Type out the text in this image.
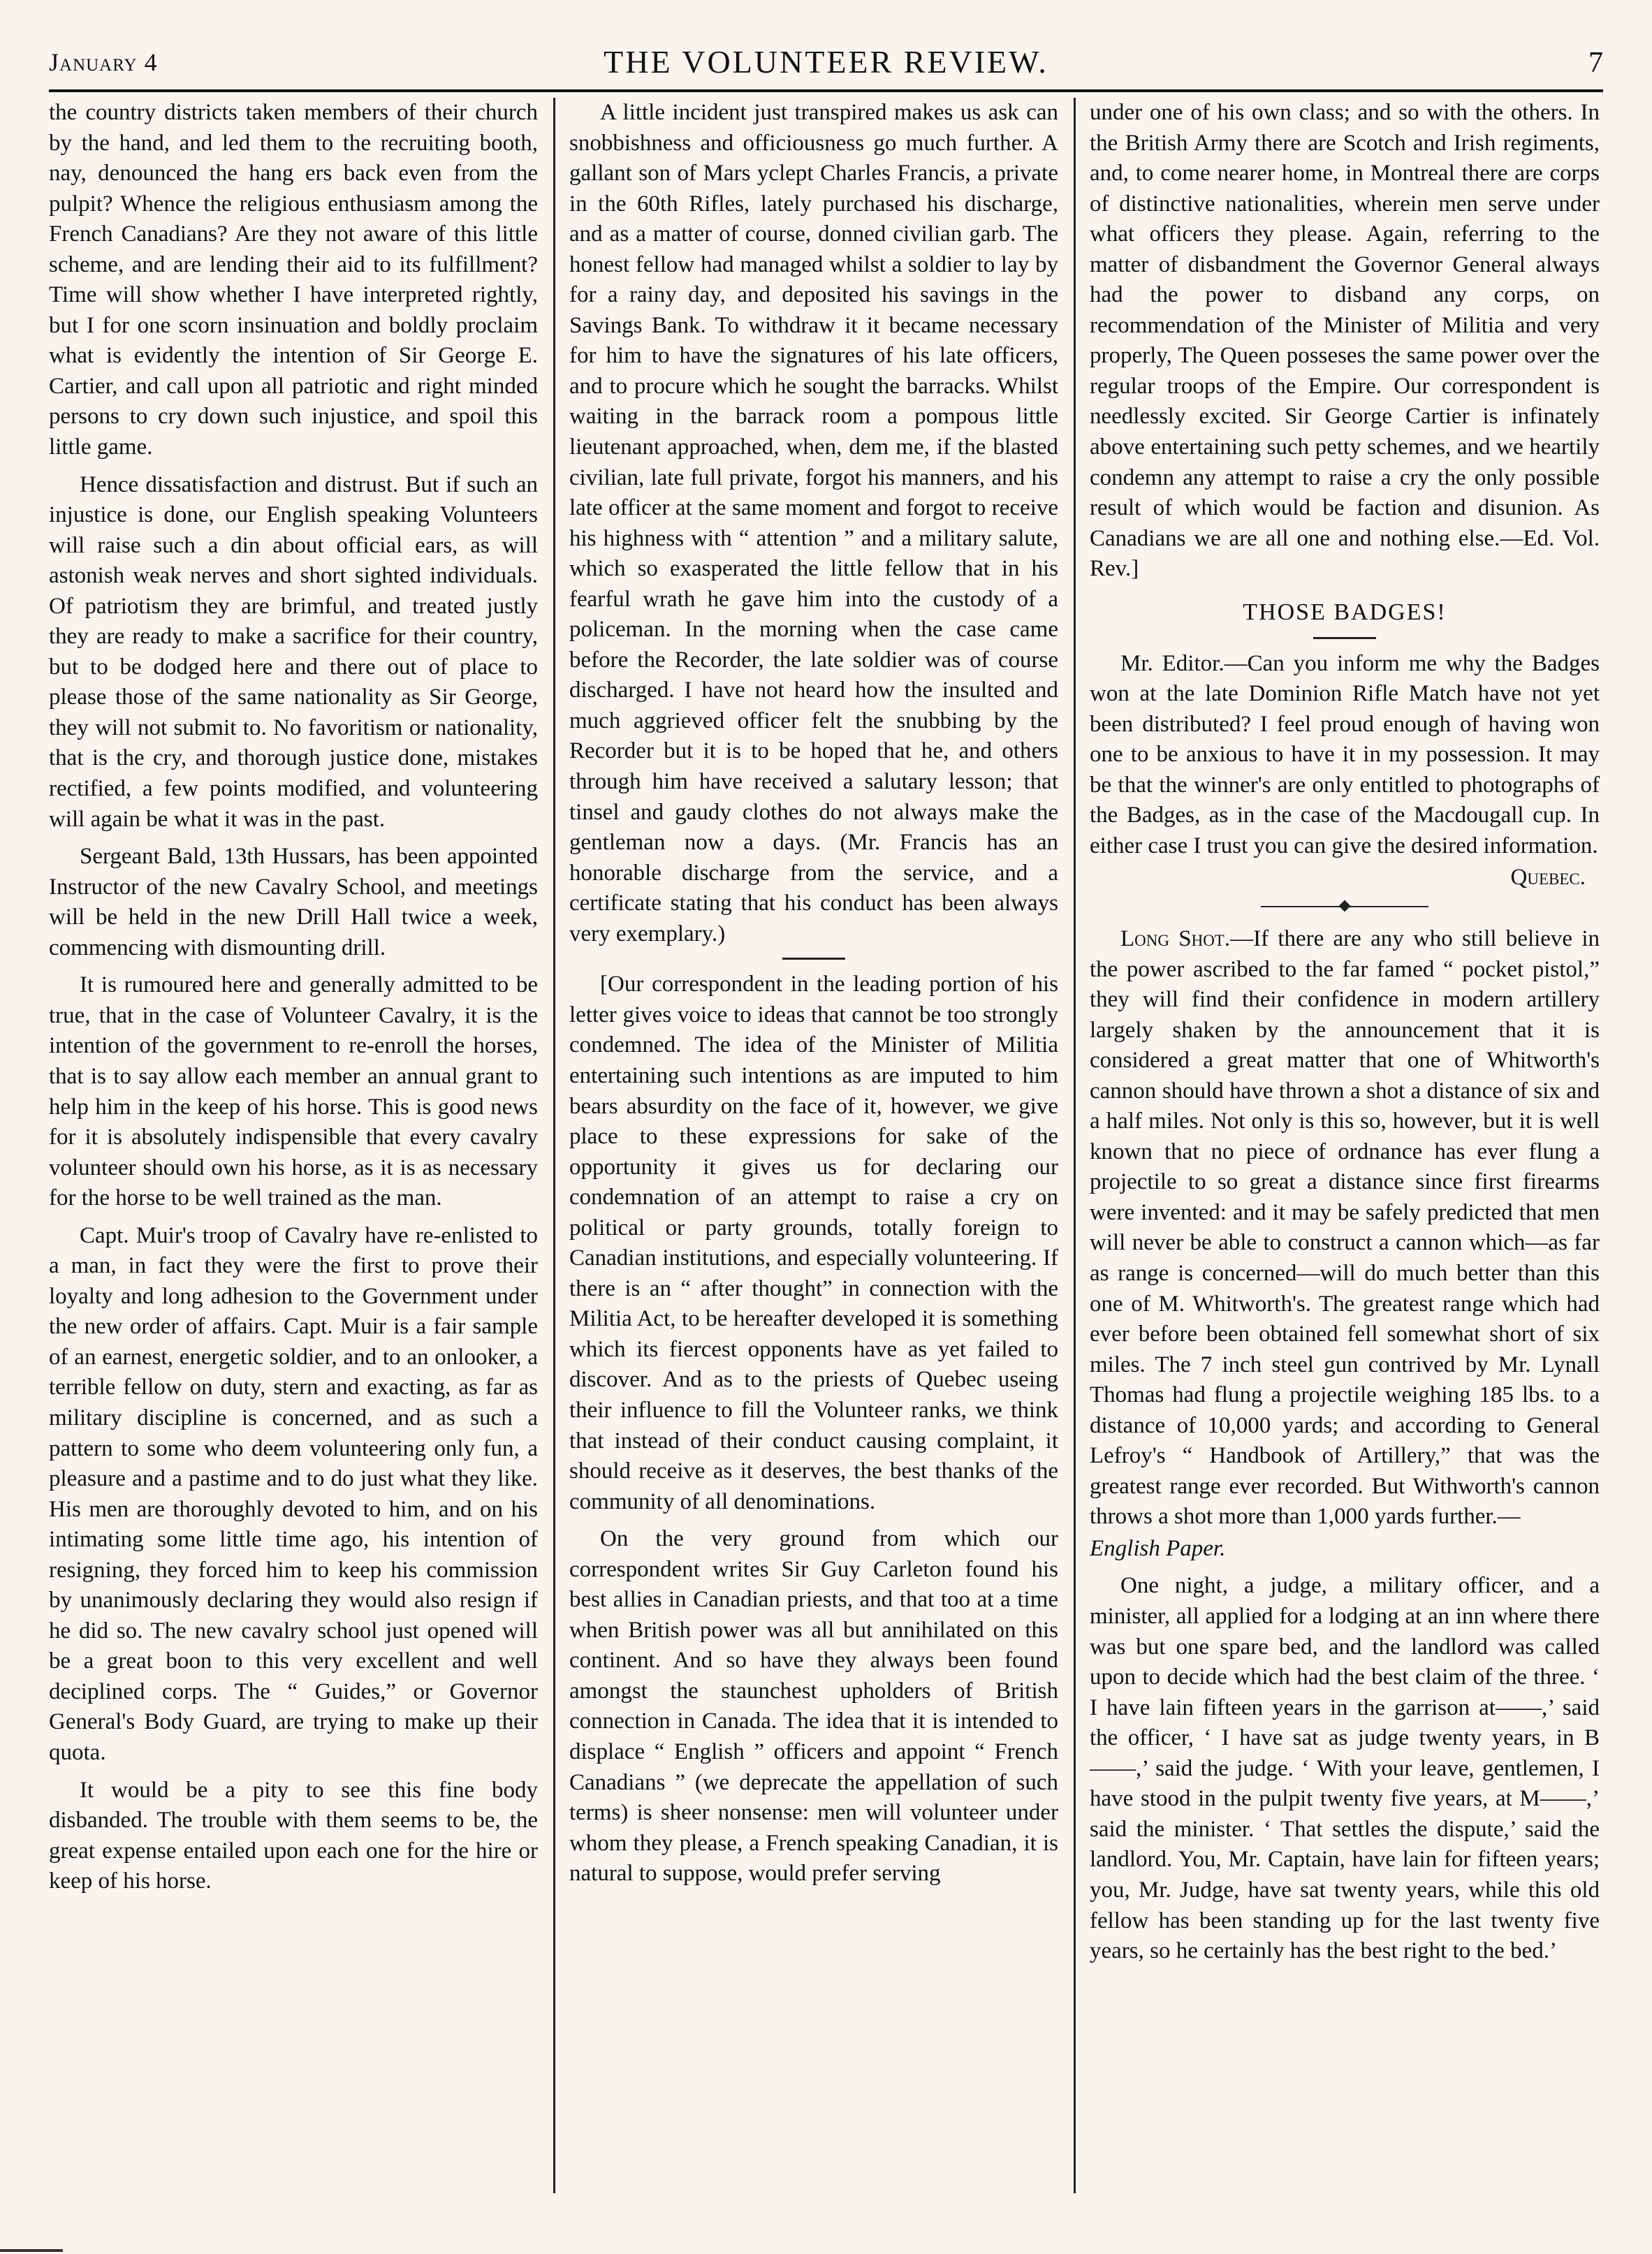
January 4	THE VOLUNTEER REVIEW.	7

the country districts taken members of their church by the hand, and led them to the recruiting booth, nay, denounced the hang ers back even from the pulpit? Whence the religious enthusiasm among the French Canadians? Are they not aware of this little scheme, and are lending their aid to its fulfillment? Time will show whether I have interpreted rightly, but I for one scorn insinuation and boldly proclaim what is evidently the intention of Sir George E. Cartier, and call upon all patriotic and right minded persons to cry down such injustice, and spoil this little game.

Hence dissatisfaction and distrust. But if such an injustice is done, our English speaking Volunteers will raise such a din about official ears, as will astonish weak nerves and short sighted individuals. Of patriotism they are brimful, and treated justly they are ready to make a sacrifice for their country, but to be dodged here and there out of place to please those of the same nationality as Sir George, they will not submit to. No favoritism or nationality, that is the cry, and thorough justice done, mistakes rectified, a few points modified, and volunteering will again be what it was in the past.

Sergeant Bald, 13th Hussars, has been appointed Instructor of the new Cavalry School, and meetings will be held in the new Drill Hall twice a week, commencing with dismounting drill.

It is rumoured here and generally admitted to be true, that in the case of Volunteer Cavalry, it is the intention of the government to re-enroll the horses, that is to say allow each member an annual grant to help him in the keep of his horse. This is good news for it is absolutely indispensible that every cavalry volunteer should own his horse, as it is as necessary for the horse to be well trained as the man.

Capt. Muir's troop of Cavalry have re-enlisted to a man, in fact they were the first to prove their loyalty and long adhesion to the Government under the new order of affairs. Capt. Muir is a fair sample of an earnest, energetic soldier, and to an onlooker, a terrible fellow on duty, stern and exacting, as far as military discipline is concerned, and as such a pattern to some who deem volunteering only fun, a pleasure and a pastime and to do just what they like. His men are thoroughly devoted to him, and on his intimating some little time ago, his intention of resigning, they forced him to keep his commission by unanimously declaring they would also resign if he did so. The new cavalry school just opened will be a great boon to this very excellent and well deciplined corps. The “ Guides,” or Governor General's Body Guard, are trying to make up their quota.

It would be a pity to see this fine body disbanded. The trouble with them seems to be, the great expense entailed upon each one for the hire or keep of his horse.

A little incident just transpired makes us ask can snobbishness and officiousness go much further. A gallant son of Mars yclept Charles Francis, a private in the 60th Rifles, lately purchased his discharge, and as a matter of course, donned civilian garb. The honest fellow had managed whilst a soldier to lay by for a rainy day, and deposited his savings in the Savings Bank. To withdraw it it became necessary for him to have the signatures of his late officers, and to procure which he sought the barracks. Whilst waiting in the barrack room a pompous little lieutenant approached, when, dem me, if the blasted civilian, late full private, forgot his manners, and his late officer at the same moment and forgot to receive his highness with “ attention ” and a military salute, which so exasperated the little fellow that in his fearful wrath he gave him into the custody of a policeman. In the morning when the case came before the Recorder, the late soldier was of course discharged. I have not heard how the insulted and much aggrieved officer felt the snubbing by the Recorder but it is to be hoped that he, and others through him have received a salutary lesson; that tinsel and gaudy clothes do not always make the gentleman now a days. (Mr. Francis has an honorable discharge from the service, and a certificate stating that his conduct has been always very exemplary.)

[Our correspondent in the leading portion of his letter gives voice to ideas that cannot be too strongly condemned. The idea of the Minister of Militia entertaining such intentions as are imputed to him bears absurdity on the face of it, however, we give place to these expressions for sake of the opportunity it gives us for declaring our condemnation of an attempt to raise a cry on political or party grounds, totally foreign to Canadian institutions, and especially volunteering. If there is an “ after thought” in connection with the Militia Act, to be hereafter developed it is something which its fiercest opponents have as yet failed to discover. And as to the priests of Quebec useing their influence to fill the Volunteer ranks, we think that instead of their conduct causing complaint, it should receive as it deserves, the best thanks of the community of all denominations.

On the very ground from which our correspondent writes Sir Guy Carleton found his best allies in Canadian priests, and that too at a time when British power was all but annihilated on this continent. And so have they always been found amongst the staunchest upholders of British connection in Canada. The idea that it is intended to displace “ English ” officers and appoint “ French Canadians ” (we deprecate the appellation of such terms) is sheer nonsense: men will volunteer under whom they please, a French speaking Canadian, it is natural to suppose, would prefer serving

under one of his own class; and so with the others. In the British Army there are Scotch and Irish regiments, and, to come nearer home, in Montreal there are corps of distinctive nationalities, wherein men serve under what officers they please. Again, referring to the matter of disbandment the Governor General always had the power to disband any corps, on recommendation of the Minister of Militia and very properly, The Queen posseses the same power over the regular troops of the Empire. Our correspondent is needlessly excited. Sir George Cartier is infinately above entertaining such petty schemes, and we heartily condemn any attempt to raise a cry the only possible result of which would be faction and disunion. As Canadians we are all one and nothing else.—Ed. Vol. Rev.]

THOSE BADGES!

Mr. Editor.—Can you inform me why the Badges won at the late Dominion Rifle Match have not yet been distributed? I feel proud enough of having won one to be anxious to have it in my possession. It may be that the winner's are only entitled to photographs of the Badges, as in the case of the Macdougall cup. In either case I trust you can give the desired information.

Quebec.

Long Shot.—If there are any who still believe in the power ascribed to the far famed “ pocket pistol,” they will find their confidence in modern artillery largely shaken by the announcement that it is considered a great matter that one of Whitworth's cannon should have thrown a shot a distance of six and a half miles. Not only is this so, however, but it is well known that no piece of ordnance has ever flung a projectile to so great a distance since first firearms were invented: and it may be safely predicted that men will never be able to construct a cannon which—as far as range is concerned—will do much better than this one of M. Whitworth's. The greatest range which had ever before been obtained fell somewhat short of six miles. The 7 inch steel gun contrived by Mr. Lynall Thomas had flung a projectile weighing 185 lbs. to a distance of 10,000 yards; and according to General Lefroy's “ Handbook of Artillery,” that was the greatest range ever recorded. But Withworth's cannon throws a shot more than 1,000 yards further.—

English Paper.

One night, a judge, a military officer, and a minister, all applied for a lodging at an inn where there was but one spare bed, and the landlord was called upon to decide which had the best claim of the three. ‘ I have lain fifteen years in the garrison at——,’ said the officer, ‘ I have sat as judge twenty years, in B——,’ said the judge. ‘ With your leave, gentlemen, I have stood in the pulpit twenty five years, at M——,’ said the minister. ‘ That settles the dispute,’ said the landlord. You, Mr. Captain, have lain for fifteen years; you, Mr. Judge, have sat twenty years, while this old fellow has been standing up for the last twenty five years, so he certainly has the best right to the bed.’
